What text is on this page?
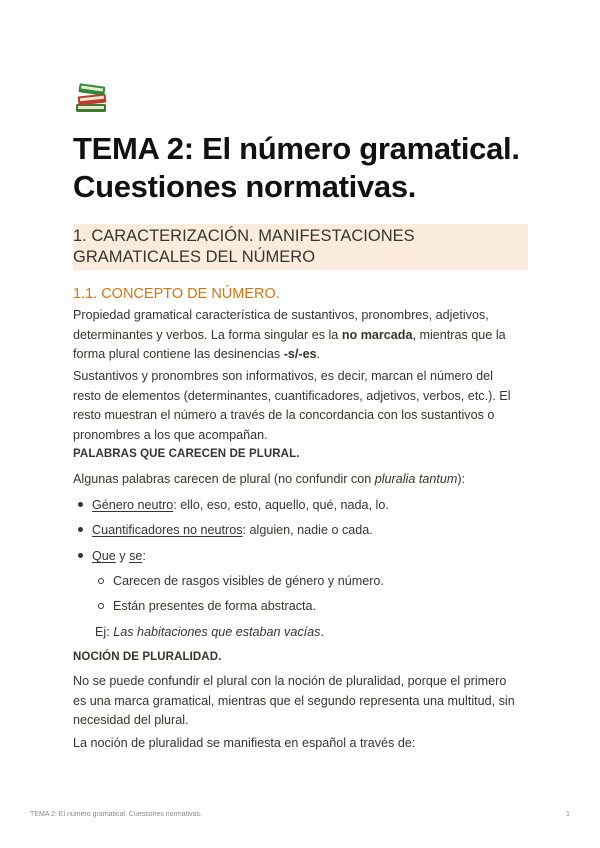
TEMA 2: El número gramatical.
Cuestiones normativas.
1. CARACTERIZACIÓN. MANIFESTACIONES
GRAMATICALES DEL NÚMERO
1.1. CONCEPTO DE NÚMERO.

Propiedad gramatical característica de sustantivos, pronombres, adjetivos,
determinantes y verbos. La forma singular es la no marcada, mientras que la
forma plural contiene las desinencias -s/-es.

Sustantivos y pronombres son informativos, es decir, marcan el número del
resto de elementos (determinantes, cuantificadores, adjetivos, verbos, etc.). El
resto muestran el número a través de la concordancia con los sustantivos o
pronombres a los que acompañan.

PALABRAS QUE CARECEN DE PLURAL.

Algunas palabras carecen de plural (no confundir con pluralia tantum):

Género neutro: ello, eso, esto, aquello, qué, nada, lo.
Cuantificadores no neutros: alguien, nadie o cada.
Que y se:
Carecen de rasgos visibles de género y número.
Están presentes de forma abstracta.
Ej: Las habitaciones que estaban vacías.

NOCIÓN DE PLURALIDAD.

No se puede confundir el plural con la noción de pluralidad, porque el primero
es una marca gramatical, mientras que el segundo representa una multitud, sin
necesidad del plural.

La noción de pluralidad se manifiesta en español a través de:

TEMA 2: El número gramatical. Cuestiones normativas.	1
